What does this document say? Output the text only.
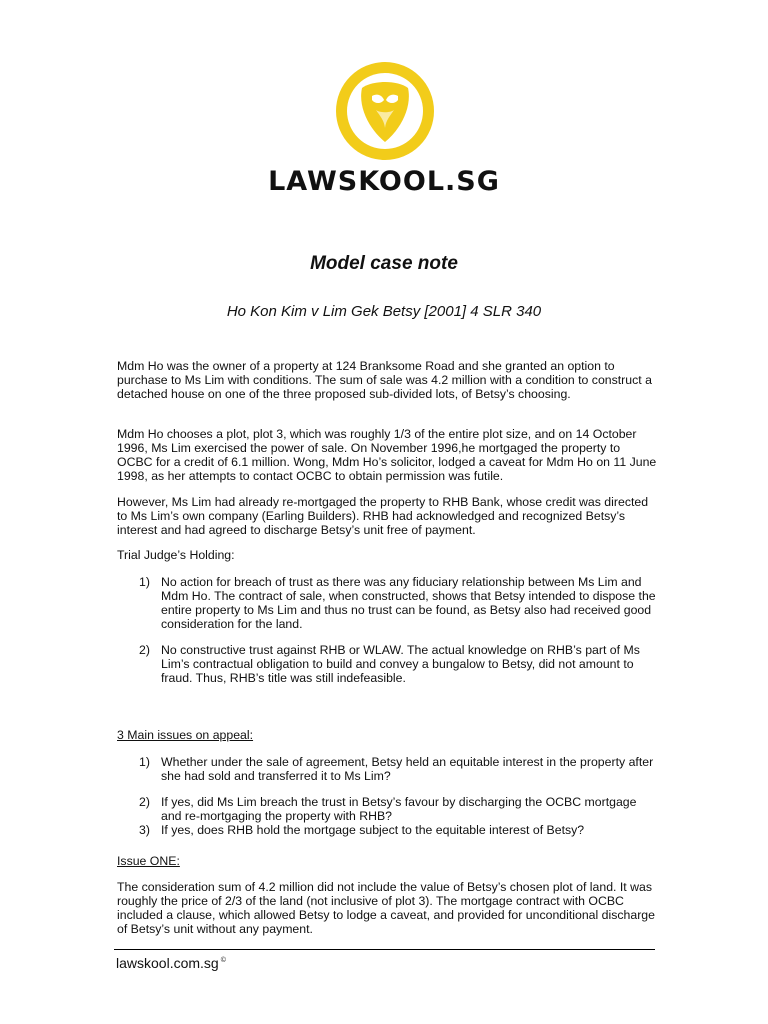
LAWSKOOL.SG
Model case note
Ho Kon Kim v Lim Gek Betsy [2001] 4 SLR 340

Mdm Ho was the owner of a property at 124 Branksome Road and she granted an option to purchase to Ms Lim with conditions. The sum of sale was 4.2 million with a condition to construct a detached house on one of the three proposed sub-divided lots, of Betsy’s choosing.

Mdm Ho chooses a plot, plot 3, which was roughly 1/3 of the entire plot size, and on 14 October 1996, Ms Lim exercised the power of sale. On November 1996,he mortgaged the property to OCBC for a credit of 6.1 million. Wong, Mdm Ho’s solicitor, lodged a caveat for Mdm Ho on 11 June 1998, as her attempts to contact OCBC to obtain permission was futile.

However, Ms Lim had already re-mortgaged the property to RHB Bank, whose credit was directed to Ms Lim’s own company (Earling Builders). RHB had acknowledged and recognized Betsy’s interest and had agreed to discharge Betsy’s unit free of payment.

Trial Judge’s Holding:

1) No action for breach of trust as there was any fiduciary relationship between Ms Lim and Mdm Ho. The contract of sale, when constructed, shows that Betsy intended to dispose the entire property to Ms Lim and thus no trust can be found, as Betsy also had received good consideration for the land.
2) No constructive trust against RHB or WLAW. The actual knowledge on RHB’s part of Ms Lim’s contractual obligation to build and convey a bungalow to Betsy, did not amount to fraud. Thus, RHB’s title was still indefeasible.

3 Main issues on appeal:

1) Whether under the sale of agreement, Betsy held an equitable interest in the property after she had sold and transferred it to Ms Lim?
2) If yes, did Ms Lim breach the trust in Betsy’s favour by discharging the OCBC mortgage and re-mortgaging the property with RHB?
3) If yes, does RHB hold the mortgage subject to the equitable interest of Betsy?

Issue ONE:

The consideration sum of 4.2 million did not include the value of Betsy’s chosen plot of land. It was roughly the price of 2/3 of the land (not inclusive of plot 3). The mortgage contract with OCBC included a clause, which allowed Betsy to lodge a caveat, and provided for unconditional discharge of Betsy’s unit without any payment.

lawskool.com.sg ©
